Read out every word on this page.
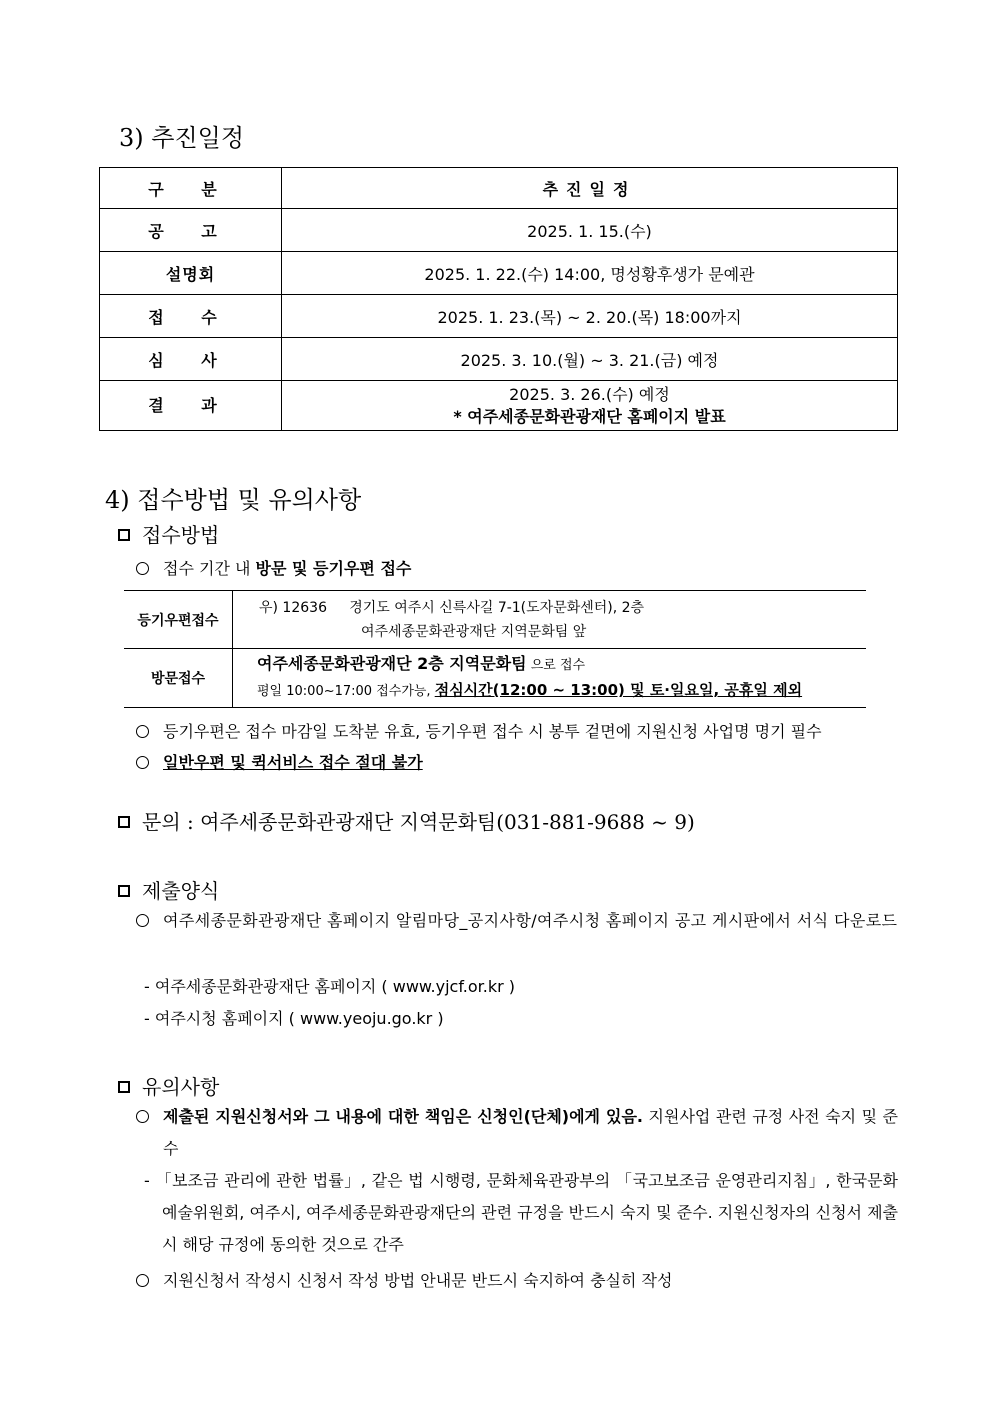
3) 추진일정
구 분	추진일정
공 고	2025. 1. 15.(수)
설명회	2025. 1. 22.(수) 14:00, 명성황후생가 문예관
접 수	2025. 1. 23.(목) ~ 2. 20.(목) 18:00까지
심 사	2025. 3. 10.(월) ~ 3. 21.(금) 예정
결 과	2025. 3. 26.(수) 예정
* 여주세종문화관광재단 홈페이지 발표
4) 접수방법 및 유의사항
접수방법
접수 기간 내 방문 및 등기우편 접수
등기우편접수	우) 12636     경기도 여주시 신륵사길 7-1(도자문화센터), 2층
여주세종문화관광재단 지역문화팀 앞

방문접수	여주세종문화관광재단 2층 지역문화팀 으로 접수
평일 10:00~17:00 접수가능, 점심시간(12:00 ~ 13:00) 및 토·일요일, 공휴일 제외
등기우편은 접수 마감일 도착분 유효, 등기우편 접수 시 봉투 겉면에 지원신청 사업명 명기 필수
일반우편 및 퀵서비스 접수 절대 불가
문의 : 여주세종문화관광재단 지역문화팀(031-881-9688 ~ 9)
제출양식
여주세종문화관광재단 홈페이지 알림마당_공지사항/여주시청 홈페이지 공고 게시판에서 서식 다운로드
- 여주세종문화관광재단 홈페이지 ( www.yjcf.or.kr )
- 여주시청 홈페이지 ( www.yeoju.go.kr )
유의사항
제출된 지원신청서와 그 내용에 대한 책임은 신청인(단체)에게 있음. 지원사업 관련 규정 사전 숙지 및 준수
- 「보조금 관리에 관한 법률」, 같은 법 시행령, 문화체육관광부의 「국고보조금 운영관리지침」, 한국문화예술위원회, 여주시, 여주세종문화관광재단의 관련 규정을 반드시 숙지 및 준수. 지원신청자의 신청서 제출 시 해당 규정에 동의한 것으로 간주
지원신청서 작성시 신청서 작성 방법 안내문 반드시 숙지하여 충실히 작성
